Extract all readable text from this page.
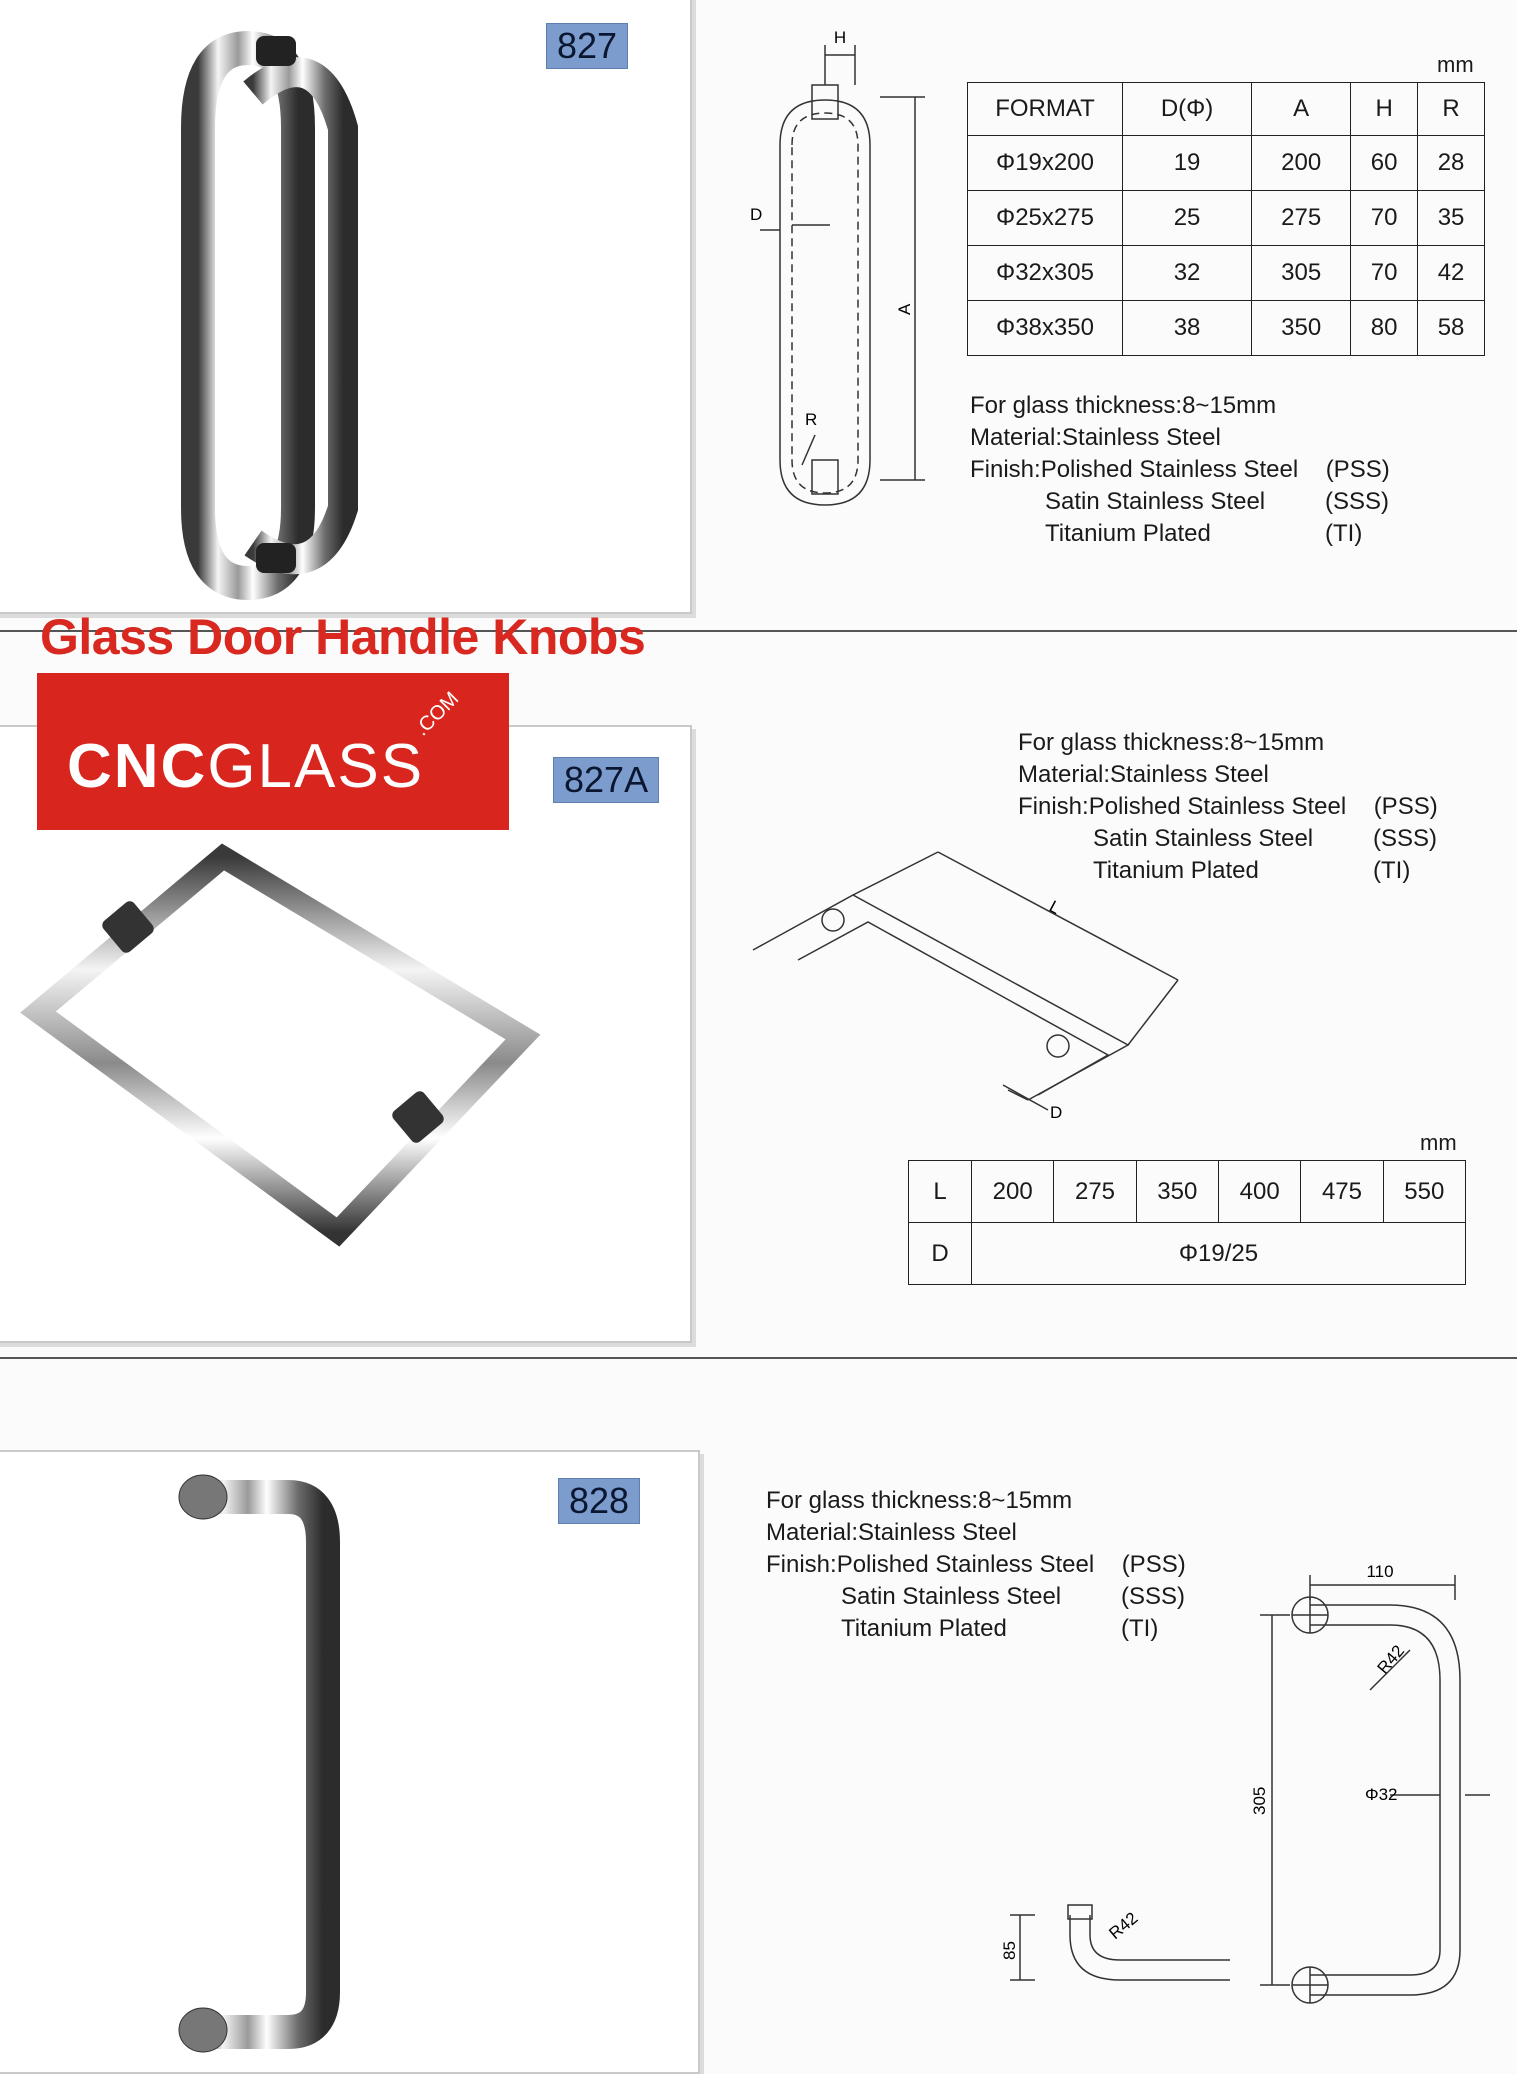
827	H
D
A
R
mm
FORMAT	D(Φ)	A	H	R
Φ19x200	19	200	60	28
Φ25x275	25	275	70	35
Φ32x305	32	305	70	42
Φ38x350	38	350	80	58
For glass thickness:8~15mm
Material:Stainless Steel
Finish: Polished Stainless Steel	(PSS)
Satin Stainless Steel	(SSS)
Titanium Plated	(TI)
Glass Door Handle Knobs
CNCGLASS
.COM
827A
For glass thickness:8~15mm
Material:Stainless Steel
Finish: Polished Stainless Steel	(PSS)
Satin Stainless Steel	(SSS)
Titanium Plated	(TI)
L
D
mm
L	200	275	350	400	475	550
D	Φ19/25					
828	For glass thickness:8~15mm
Material:Stainless Steel
Finish: Polished Stainless Steel	(PSS)
Satin Stainless Steel	(SSS)
Titanium Plated	(TI)
110
R42
Φ32
305
85
R42
